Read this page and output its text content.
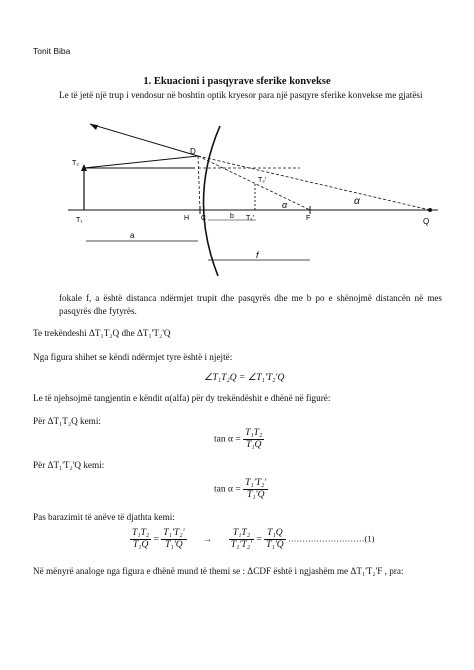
Tonit Biba
1. Ekuacioni i pasqyrave sferike konvekse
Le të jetë një trup i vendosur në boshtin optik kryesor para një pasqyre sferike konvekse me gjatësi
D
T₂
T₁
T₂'
T₁'
H C	F	Q
b
α
α
a
f
fokale f, a është distanca ndërmjet trupit dhe pasqyrës dhe me b po e shënojmë distancën në mes pasqyrës dhe fytyrës.
Te trekëndeshi ΔT₁T₂Q dhe ΔT₁'T₂'Q
Nga figura shihet se këndi ndërmjet tyre është i njejtë:
∠T₁T₂Q = ∠T₁'T₂'Q
Le të njehsojmë tangjentin e këndit α(alfa) për dy trekëndëshit e dhënë në figurë:
Për ΔT₁T₂Q kemi:
$\tan \alpha = \frac{\text{T₁T₂}}{\text{T₁Q}}$
Për ΔT₁'T₂'Q kemi:
$\tan \alpha = \frac{\text{T₁'T₂'}}{\text{T₁'Q}}$
Pas barazimit të anëve të djathta kemi:
$\frac{\text{T₁T₂}}{\text{T₁Q}} = \frac{\text{T₁'T₂'}}{\text{T₁'Q}} \to \frac{\text{T₁T₂}}{\text{T₁'T₂'}} = \frac{\text{T₁Q}}{\text{T₁'Q}}$ ………………………(1)
Në mënyrë analoge nga figura e dhënë mund të themi se : ΔCDF është i ngjashëm me ΔT₁'T₂'F , pra:
